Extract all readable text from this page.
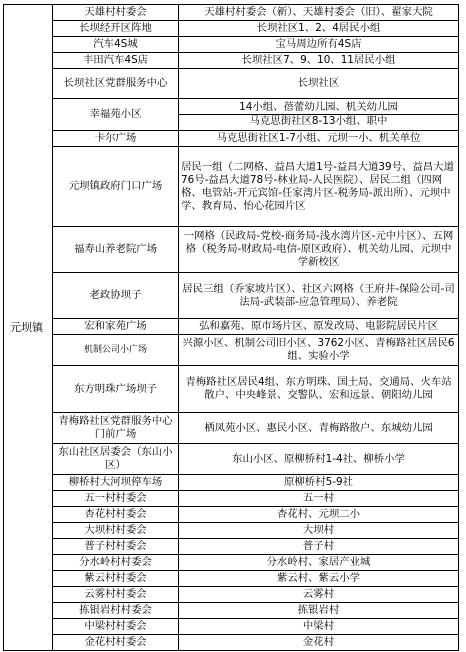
元坝镇	天雄村村委会	天雄村村委会（新）、天雄村委会（旧）、翟家大院
	长坝经开区阵地	长坝社区1、2、4居民小组
	汽车4S城	宝马周边所有4S店
	丰田汽车4S店	长坝社区7、9、10、11居民小组
	长坝社区党群服务中心	长坝社区
	幸福苑小区	14小组、蓓蕾幼儿园、机关幼儿园
马克思街社区8-13小组、职中

	卡尔广场	马克思街社区1-7小组、元坝一小、机关单位
	元坝镇政府门口广场	居民一组（二网格、益昌大道1号-益昌大道39号、益昌大道76号-益昌大道78号-林业局-人民医院）、居民二组（四网格、电管站-开元宾馆-任家湾片区-税务局-派出所）、元坝中学、教育局、怡心花园片区
	福寿山养老院广场	一网格（民政局-党校-商务局-浅水湾片区-元中片区）、五网格（税务局-财政局-电信-原区政府）、机关幼儿园、元坝中学新校区
	老政协坝子	居民三组（乔家坡片区）、社区六网格（王府井-保险公司-司法局-武装部-应急管理局）、养老院
	宏和家苑广场	弘和嘉苑、原市场片区、原发改局、电影院居民片区
	机制公司小广场	兴源小区、机制公司旧小区、3762小区、青梅路社区居民6组、实验小学
	东方明珠广场坝子	青梅路社区居民4组、东方明珠、国土局、交通局、火车站散户、中央峰景、交警队、宏和远景、朝阳幼儿园
	青梅路社区党群服务中心门前广场	栖凤苑小区、惠民小区、青梅路散户、东城幼儿园
	东山社区居委会（东山小区）	东山小区、原柳桥村1-4社、柳桥小学
	柳桥村大河坝停车场	原柳桥村5-9社
	五一村村委会	五一村
	杏花村村委会	杏花村、元坝二小
	大坝村村委会	大坝村
	普子村村委会	普子村
	分水岭村村委会	分水岭村、家居产业城
	紫云村村委会	紫云村、紫云小学
	云雾村村委会	云雾村
	拣银岩村村委会	拣银岩村
	中梁村村委会	中梁村
	金花村村委会	金花村
